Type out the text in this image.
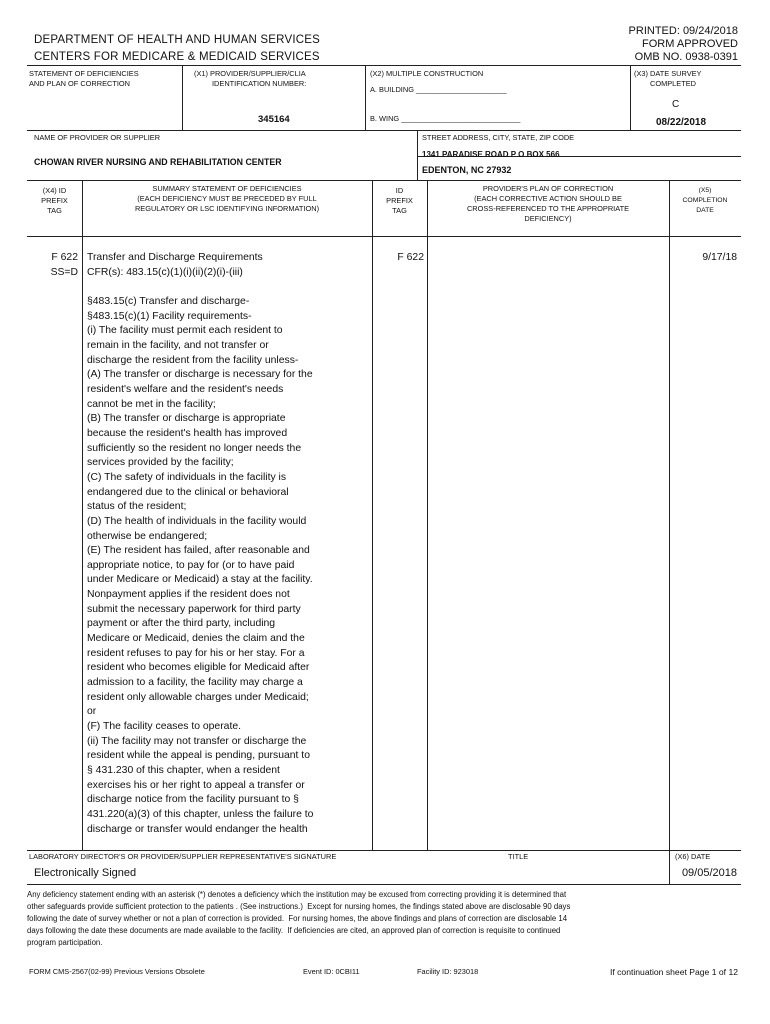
DEPARTMENT OF HEALTH AND HUMAN SERVICES
CENTERS FOR MEDICARE & MEDICAID SERVICES
PRINTED: 09/24/2018
FORM APPROVED
OMB NO. 0938-0391
STATEMENT OF DEFICIENCIES
AND PLAN OF CORRECTION
(X1) PROVIDER/SUPPLIER/CLIA
IDENTIFICATION NUMBER:
345164
(X2) MULTIPLE CONSTRUCTION
A. BUILDING ______________________
B. WING _____________________________
(X3) DATE SURVEY
COMPLETED
C
08/22/2018
NAME OF PROVIDER OR SUPPLIER
CHOWAN RIVER NURSING AND REHABILITATION CENTER
STREET ADDRESS, CITY, STATE, ZIP CODE
1341 PARADISE ROAD P O BOX 566
EDENTON, NC 27932
(X4) ID
PREFIX
TAG
SUMMARY STATEMENT OF DEFICIENCIES
(EACH DEFICIENCY MUST BE PRECEDED BY FULL
REGULATORY OR LSC IDENTIFYING INFORMATION)
ID
PREFIX
TAG
PROVIDER'S PLAN OF CORRECTION
(EACH CORRECTIVE ACTION SHOULD BE
CROSS-REFERENCED TO THE APPROPRIATE
DEFICIENCY)
(X5)
COMPLETION
DATE
F 622
SS=D
Transfer and Discharge Requirements
CFR(s): 483.15(c)(1)(i)(ii)(2)(i)-(iii)
F 622	9/17/18
§483.15(c) Transfer and discharge-
§483.15(c)(1) Facility requirements-
(i) The facility must permit each resident to
remain in the facility, and not transfer or
discharge the resident from the facility unless-
(A) The transfer or discharge is necessary for the
resident's welfare and the resident's needs
cannot be met in the facility;
(B) The transfer or discharge is appropriate
because the resident's health has improved
sufficiently so the resident no longer needs the
services provided by the facility;
(C) The safety of individuals in the facility is
endangered due to the clinical or behavioral
status of the resident;
(D) The health of individuals in the facility would
otherwise be endangered;
(E) The resident has failed, after reasonable and
appropriate notice, to pay for (or to have paid
under Medicare or Medicaid) a stay at the facility.
Nonpayment applies if the resident does not
submit the necessary paperwork for third party
payment or after the third party, including
Medicare or Medicaid, denies the claim and the
resident refuses to pay for his or her stay. For a
resident who becomes eligible for Medicaid after
admission to a facility, the facility may charge a
resident only allowable charges under Medicaid;
or
(F) The facility ceases to operate.
(ii) The facility may not transfer or discharge the
resident while the appeal is pending, pursuant to
§ 431.230 of this chapter, when a resident
exercises his or her right to appeal a transfer or
discharge notice from the facility pursuant to §
431.220(a)(3) of this chapter, unless the failure to
discharge or transfer would endanger the health
LABORATORY DIRECTOR'S OR PROVIDER/SUPPLIER REPRESENTATIVE'S SIGNATURE
Electronically Signed
TITLE	(X6) DATE
09/05/2018
Any deficiency statement ending with an asterisk (*) denotes a deficiency which the institution may be excused from correcting providing it is determined that
other safeguards provide sufficient protection to the patients . (See instructions.)  Except for nursing homes, the findings stated above are disclosable 90 days
following the date of survey whether or not a plan of correction is provided.  For nursing homes, the above findings and plans of correction are disclosable 14
days following the date these documents are made available to the facility.  If deficiencies are cited, an approved plan of correction is requisite to continued
program participation.
FORM CMS-2567(02-99) Previous Versions Obsolete	Event ID: 0CBI11	Facility ID: 923018	If continuation sheet Page 1 of 12
